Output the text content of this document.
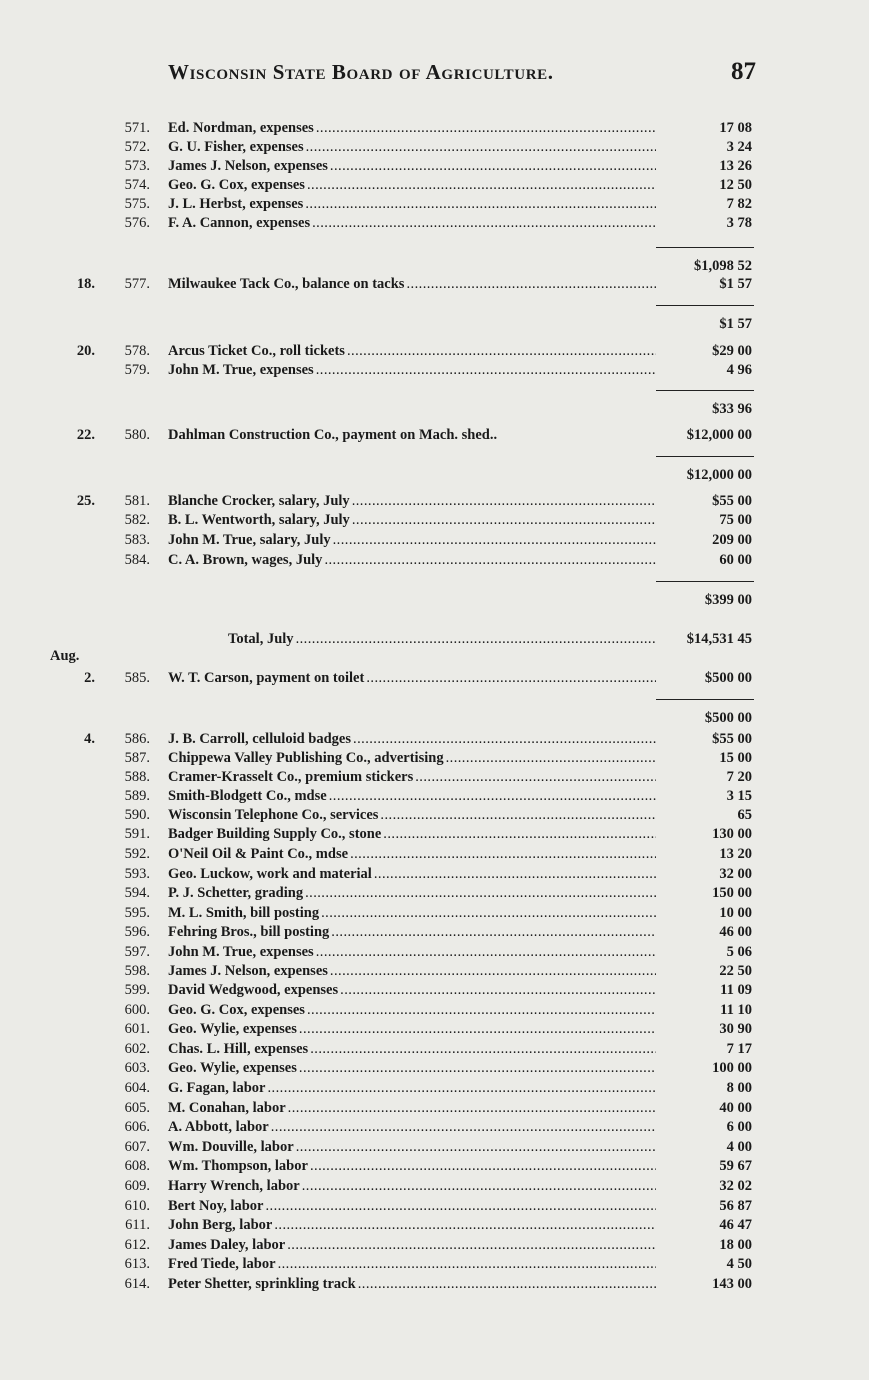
Wisconsin State Board of Agriculture.	87
571. Ed. Nordman, expenses . . .	17 08
572. G. U. Fisher, expenses . . .	3 24
573. James J. Nelson, expenses . . .	13 26
574. Geo. G. Cox, expenses . . .	12 50
575. J. L. Herbst, expenses . . .	7 82
576. F. A. Cannon, expenses . . .	3 78
$1,098 52
18. 577. Milwaukee Tack Co., balance on tacks . . .	$1 57
$1 57
20. 578. Arcus Ticket Co., roll tickets . . .	$29 00
579. John M. True, expenses . . .	4 96
$33 96
22. 580. Dahlman Construction Co., payment on Mach. shed..	$12,000 00
$12,000 00
25. 581. Blanche Crocker, salary, July . . .	$55 00
582. B. L. Wentworth, salary, July . . .	75 00
583. John M. True, salary, July . . .	209 00
584. C. A. Brown, wages, July . . .	60 00
$399 00
Total, July . . .	$14,531 45
Aug.
2. 585. W. T. Carson, payment on toilet . . .	$500 00
$500 00
4. 586. J. B. Carroll, celluloid badges . . .	$55 00
587. Chippewa Valley Publishing Co., advertising . . .	15 00
588. Cramer-Krasselt Co., premium stickers . . .	7 20
589. Smith-Blodgett Co., mdse . . .	3 15
590. Wisconsin Telephone Co., services . . .	65
591. Badger Building Supply Co., stone . . .	130 00
592. O'Neil Oil & Paint Co., mdse . . .	13 20
593. Geo. Luckow, work and material . . .	32 00
594. P. J. Schetter, grading . . .	150 00
595. M. L. Smith, bill posting . . .	10 00
596. Fehring Bros., bill posting . . .	46 00
597. John M. True, expenses . . .	5 06
598. James J. Nelson, expenses . . .	22 50
599. David Wedgwood, expenses . . .	11 09
600. Geo. G. Cox, expenses . . .	11 10
601. Geo. Wylie, expenses . . .	30 90
602. Chas. L. Hill, expenses . . .	7 17
603. Geo. Wylie, expenses . . .	100 00
604. G. Fagan, labor . . .	8 00
605. M. Conahan, labor . . .	40 00
606. A. Abbott, labor . . .	6 00
607. Wm. Douville, labor . . .	4 00
608. Wm. Thompson, labor . . .	59 67
609. Harry Wrench, labor . . .	32 02
610. Bert Noy, labor . . .	56 87
611. John Berg, labor . . .	46 47
612. James Daley, labor . . .	18 00
613. Fred Tiede, labor . . .	4 50
614. Peter Shetter, sprinkling track . . .	143 00
